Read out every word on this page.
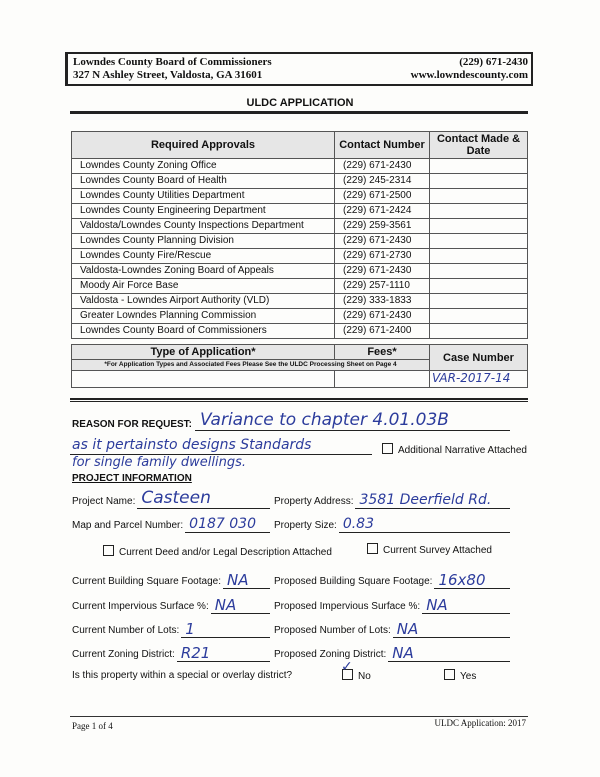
Lowndes County Board of Commissioners
327 N Ashley Street, Valdosta, GA 31601
(229) 671-2430
www.lowndescounty.com
ULDC APPLICATION
Required Approvals	Contact Number	Contact Made & Date
Lowndes County Zoning Office	(229) 671-2430	
Lowndes County Board of Health	(229) 245-2314	
Lowndes County Utilities Department	(229) 671-2500	
Lowndes County Engineering Department	(229) 671-2424	
Valdosta/Lowndes County Inspections Department	(229) 259-3561	
Lowndes County Planning Division	(229) 671-2430	
Lowndes County Fire/Rescue	(229) 671-2730	
Valdosta-Lowndes Zoning Board of Appeals	(229) 671-2430	
Moody Air Force Base	(229) 257-1110	
Valdosta - Lowndes Airport Authority (VLD)	(229) 333-1833	
Greater Lowndes Planning Commission	(229) 671-2430	
Lowndes County Board of Commissioners	(229) 671-2400	
Type of Application*	Fees*	Case Number
*For Application Types and Associated Fees Please See the ULDC Processing Sheet on Page 4		
		VAR-2017-14
REASON FOR REQUEST: Variance to chapter 4.01.03B
as it pertainsto designs Standards	Additional Narrative Attached
for single family dwellings.
PROJECT INFORMATION
Project Name: Casteen	Property Address: 3581 Deerfield Rd.
Map and Parcel Number: 0187 030	Property Size: 0.83
Current Building Square Footage: NA	Proposed Building Square Footage: 16x80
Current Impervious Surface %: NA	Proposed Impervious Surface %: NA
Current Number of Lots: 1	Proposed Number of Lots: NA
Current Zoning District: R21	Proposed Zoning District: NA
Current Deed and/or Legal Description Attached	Current Survey Attached
Is this property within a special or overlay district?	No
✓
Yes
Page 1 of 4	ULDC Application: 2017
